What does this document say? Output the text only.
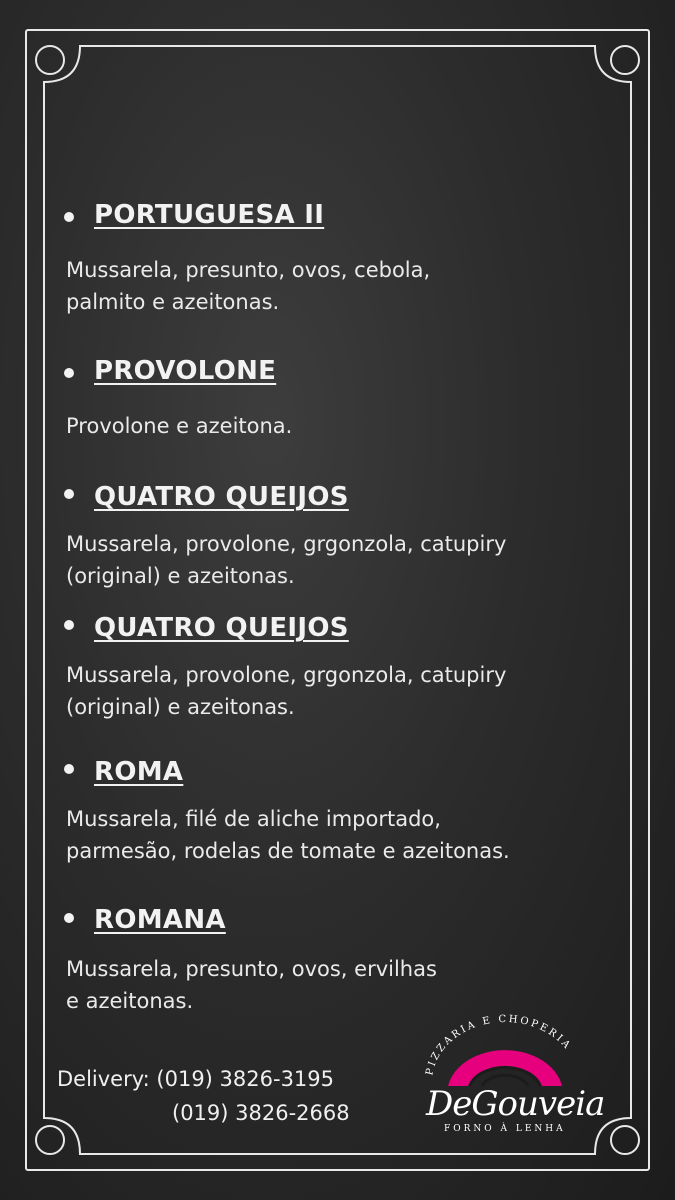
PORTUGUESA II
Mussarela, presunto, ovos, cebola,
palmito e azeitonas.
PROVOLONE
Provolone e azeitona.
QUATRO QUEIJOS
Mussarela, provolone, grgonzola, catupiry
(original) e azeitonas.
QUATRO QUEIJOS
Mussarela, provolone, grgonzola, catupiry
(original) e azeitonas.
ROMA
Mussarela, filé de aliche importado,
parmesão, rodelas de tomate e azeitonas.
ROMANA
Mussarela, presunto, ovos, ervilhas
e azeitonas.
Delivery: (019) 3826-3195
(019) 3826-2668
PIZZARIA E CHOPERIA
DeGouveia
FORNO À LENHA
